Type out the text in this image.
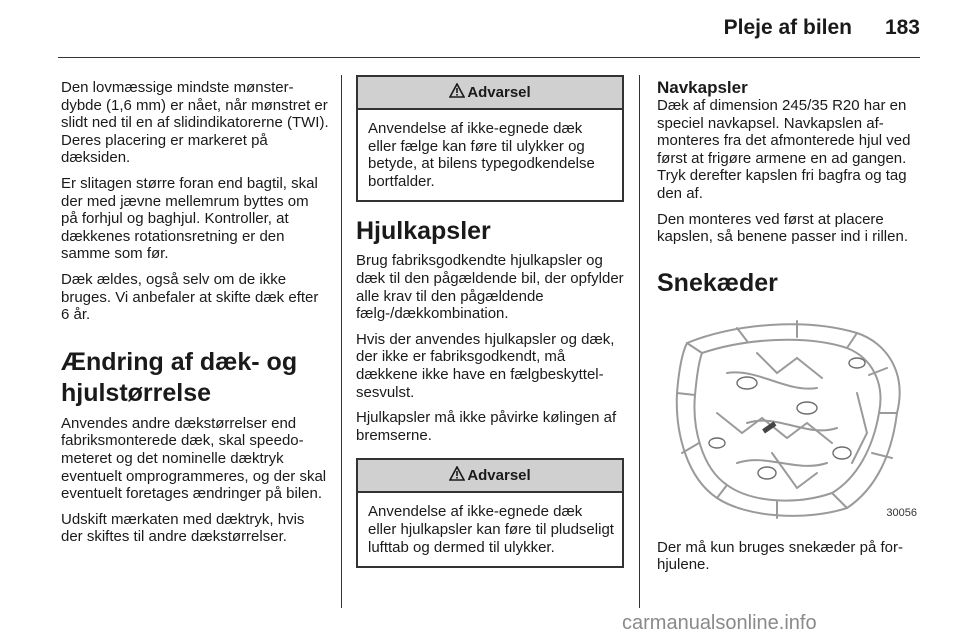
Pleje af bilen 183

Den lovmæssige mindste mønsterdybde (1,6 mm) er nået, når mønstret er slidt ned til en af slidindikatorerne (TWI). Deres placering er markeret på dæksiden.

Er slitagen større foran end bagtil, skal der med jævne mellemrum byttes om på forhjul og baghjul. Kontroller, at dækkenes rotationsretning er den samme som før.

Dæk ældes, også selv om de ikke bruges. Vi anbefaler at skifte dæk efter 6 år.

Ændring af dæk- og hjulstørrelse

Anvendes andre dækstørrelser end fabriksmonterede dæk, skal speedometeret og det nominelle dæktryk eventuelt omprogrammeres, og der skal eventuelt foretages ændringer på bilen.

Udskift mærkaten med dæktryk, hvis der skiftes til andre dækstørrelser.

Advarsel
Anvendelse af ikke-egnede dæk eller fælge kan føre til ulykker og betyde, at bilens typegodkendelse bortfalder.
Hjulkapsler

Brug fabriksgodkendte hjulkapsler og dæk til den pågældende bil, der opfylder alle krav til den pågældende fælg-/dækkombination.

Hvis der anvendes hjulkapsler og dæk, der ikke er fabriksgodkendt, må dækkene ikke have en fælgbeskyttelsesvulst.

Hjulkapsler må ikke påvirke kølingen af bremserne.

Advarsel
Anvendelse af ikke-egnede dæk eller hjulkapsler kan føre til pludseligt lufttab og dermed til ulykker.
Navkapsler

Dæk af dimension 245/35 R20 har en speciel navkapsel. Navkapslen afmonteres fra det afmonterede hjul ved først at frigøre armene en ad gangen. Tryk derefter kapslen fri bagfra og tag den af.

Den monteres ved først at placere kapslen, så benene passer ind i rillen.

Snekæder
30056

Der må kun bruges snekæder på forhjulene.

carmanualsonline.info
